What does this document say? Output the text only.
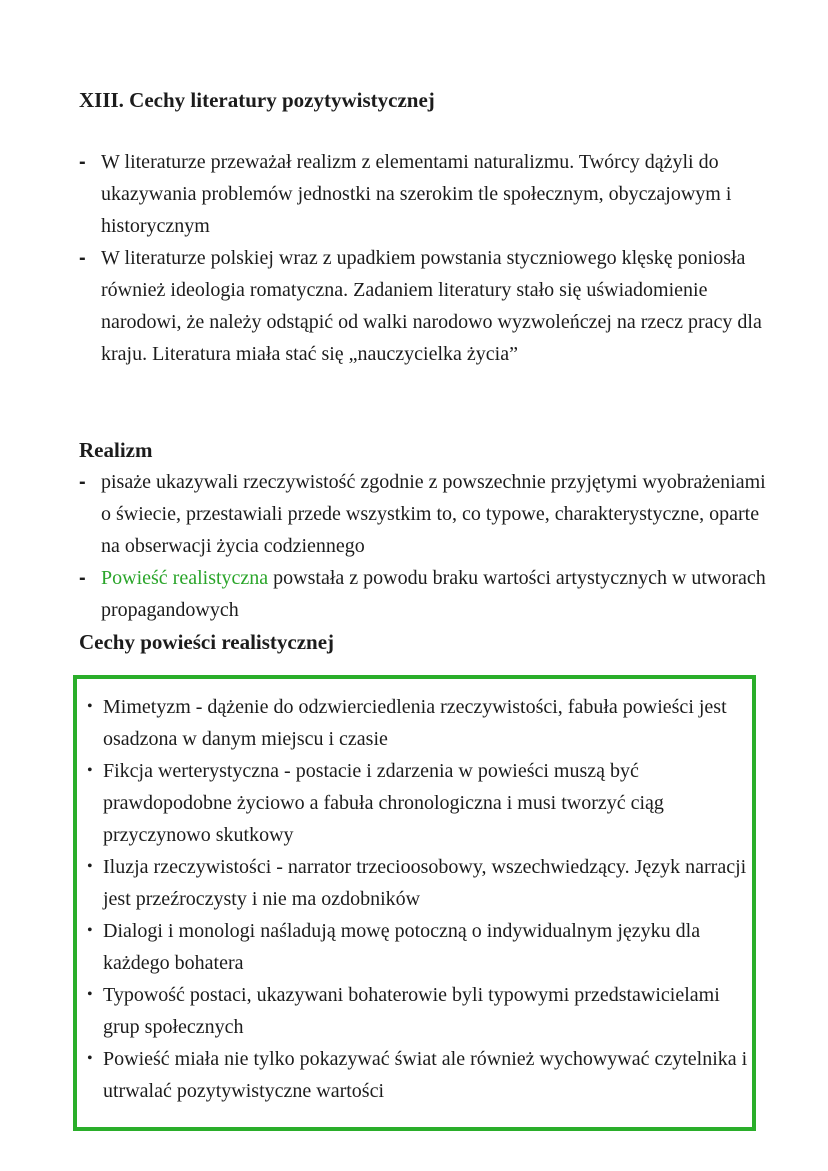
XIII. Cechy literatury pozytywistycznej
- W literaturze przeważał realizm z elementami naturalizmu. Twórcy dążyli do ukazywania problemów jednostki na szerokim tle społecznym, obyczajowym i historycznym
- W literaturze polskiej wraz z upadkiem powstania styczniowego klęskę poniosła również ideologia romatyczna. Zadaniem literatury stało się uświadomienie narodowi, że należy odstąpić od walki narodowo wyzwoleńczej na rzecz pracy dla kraju. Literatura miała stać się „nauczycielka życia”
Realizm
- pisaże ukazywali rzeczywistość zgodnie z powszechnie przyjętymi wyobrażeniami o świecie, przestawiali przede wszystkim to, co typowe, charakterystyczne, oparte na obserwacji życia codziennego
- Powieść realistyczna powstała z powodu braku wartości artystycznych w utworach propagandowych
Cechy powieści realistycznej
• Mimetyzm - dążenie do odzwierciedlenia rzeczywistości, fabuła powieści jest osadzona w danym miejscu i czasie
• Fikcja werterystyczna - postacie i zdarzenia w powieści muszą być prawdopodobne życiowo a fabuła chronologiczna i musi tworzyć ciąg przyczynowo skutkowy
• Iluzja rzeczywistości - narrator trzecioosobowy, wszechwiedzący. Język narracji jest przeźroczysty i nie ma ozdobników
• Dialogi i monologi naśladują mowę potoczną o indywidualnym języku dla każdego bohatera
• Typowość postaci, ukazywani bohaterowie byli typowymi przedstawicielami grup społecznych
• Powieść miała nie tylko pokazywać świat ale również wychowywać czytelnika i utrwalać pozytywistyczne wartości
